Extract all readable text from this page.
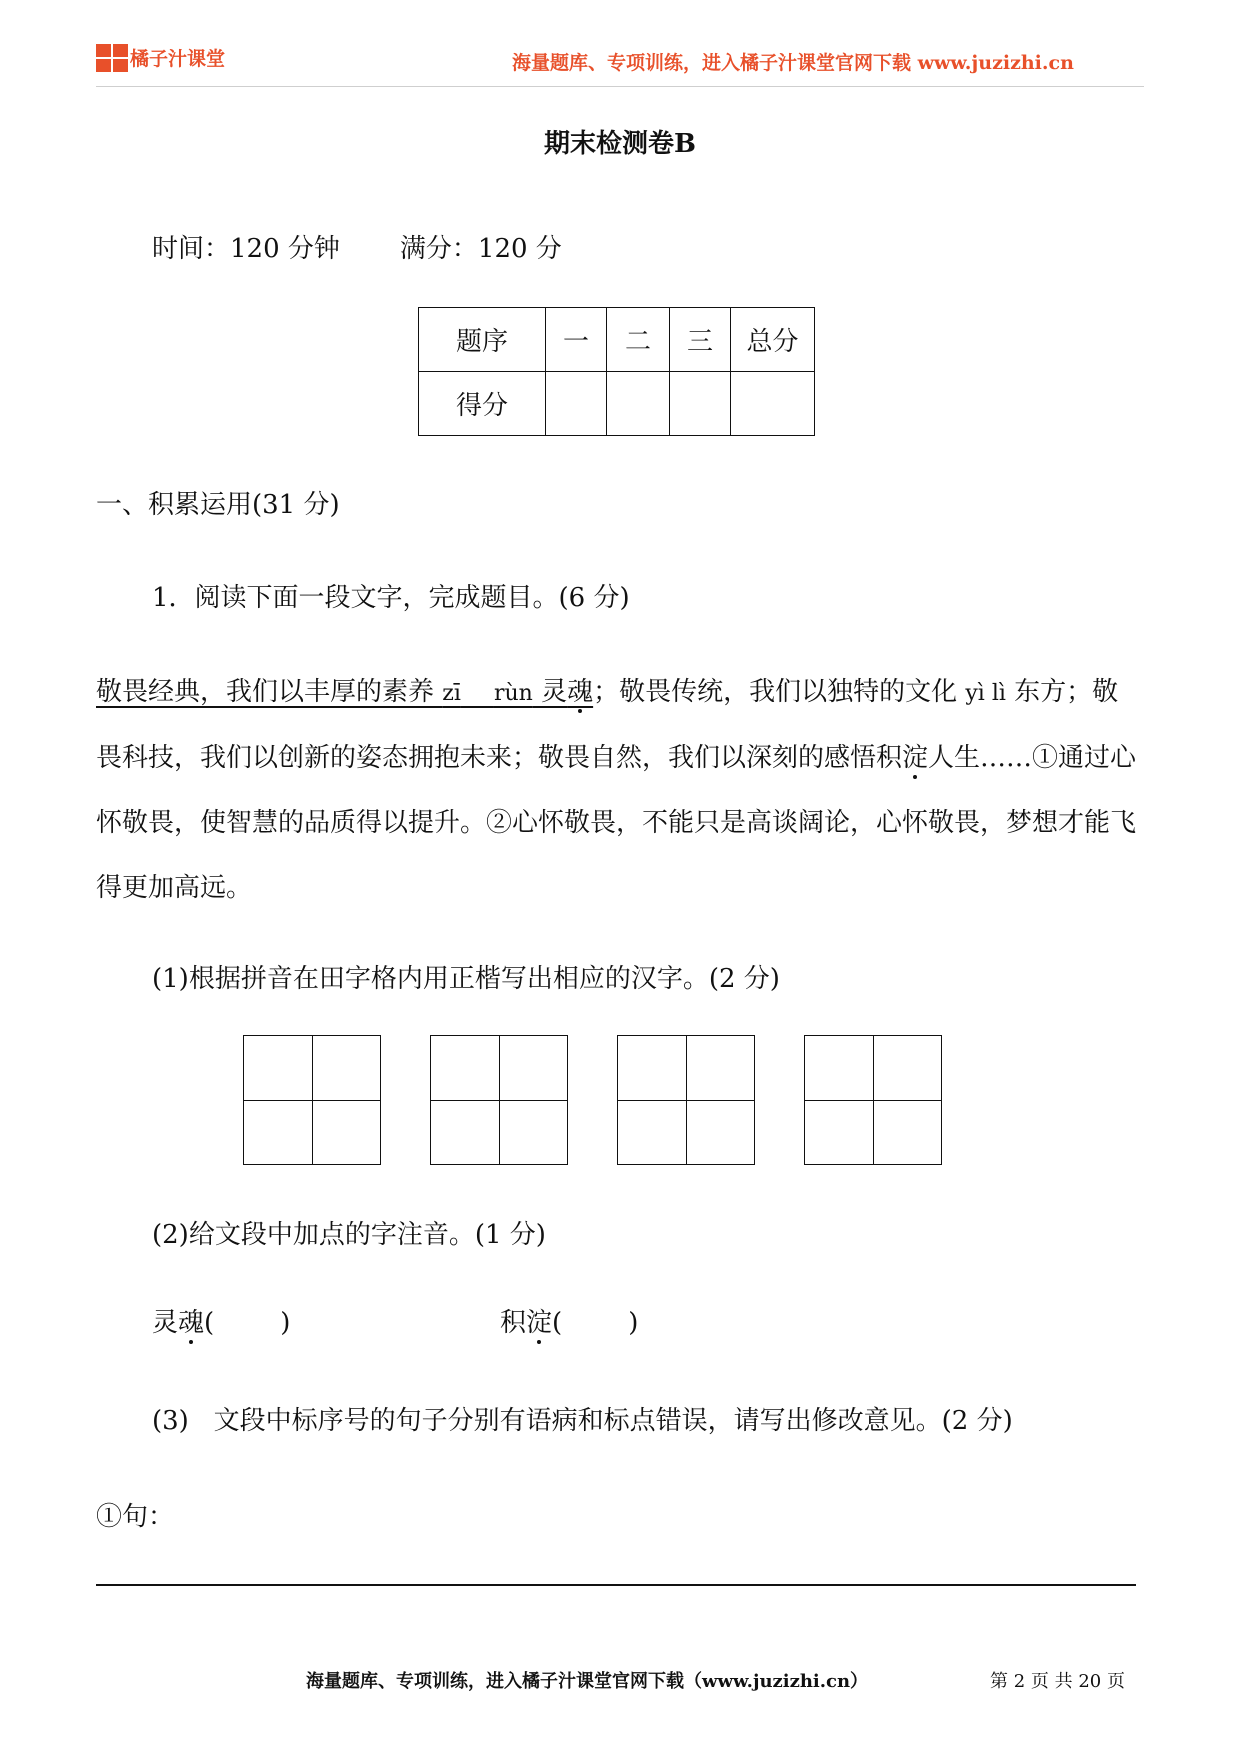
橘子汁课堂	海量题库、专项训练，进入橘子汁课堂官网下载 www.juzizhi.cn
期末检测卷B
时间：120 分钟 满分：120 分
题序	一	二	三	总分
得分				
一、积累运用(31 分)
1．阅读下面一段文字，完成题目。(6 分)
敬畏经典，我们以丰厚的素养 zī rùn 灵魂；敬畏传统，我们以独特的文化 yì lì 东方；敬畏科技，我们以创新的姿态拥抱未来；敬畏自然，我们以深刻的感悟积淀人生……①通过心怀敬畏，使智慧的品质得以提升。②心怀敬畏，不能只是高谈阔论，心怀敬畏，梦想才能飞得更加高远。
(1)根据拼音在田字格内用正楷写出相应的汉字。(2 分)
(2)给文段中加点的字注音。(1 分)
灵魂(        )	积淀(        )
(3)   文段中标序号的句子分别有语病和标点错误，请写出修改意见。(2 分)
①句：
海量题库、专项训练，进入橘子汁课堂官网下载（www.juzizhi.cn）	第 2 页 共 20 页
